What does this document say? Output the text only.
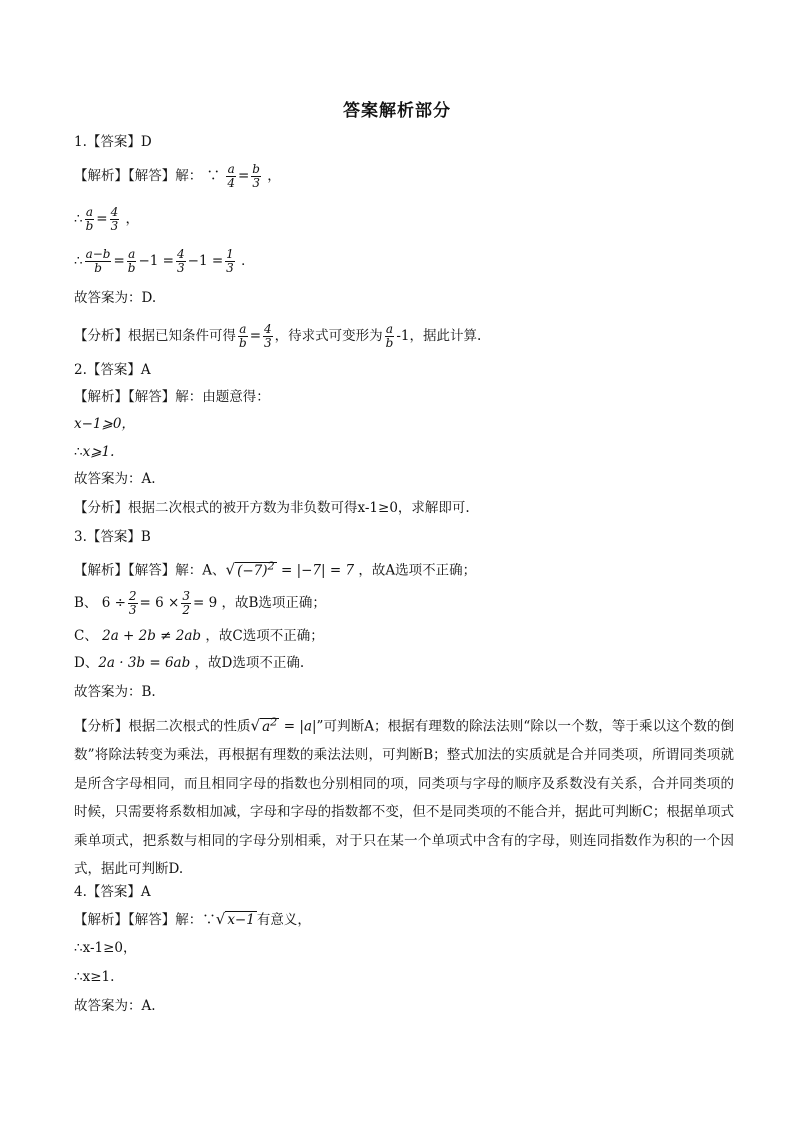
答案解析部分
1.【答案】D
【解析】【解答】解： ∵ $\frac{a}{4} = \frac{b}{3}$ ，
∴ $\frac{a}{b} = \frac{4}{3}$ ，
∴ $\frac{a-b}{b} = \frac{a}{b} -1 = \frac{4}{3} -1 = \frac{1}{3}$ ．
故答案为：D.
【分析】根据已知条件可得 $\frac{a}{b} = \frac{4}{3}$ ，待求式可变形为 $\frac{a}{b} -1$，据此计算.
2.【答案】A
【解析】【解答】解：由题意得：
x−1⩾0，
∴x⩾1.
故答案为：A.
【分析】根据二次根式的被开方数为非负数可得x-1≥0，求解即可.
3.【答案】B
【解析】【解答】解：A、√ $(-7)^2 = |-7| = 7$ ，故A选项不正确；
B、 $6 \div \frac{2}{3} = 6 \times \frac{3}{2} = 9$ ，故B选项正确；
C、 2a + 2b ≠ 2ab ，故C选项不正确；
D、2a · 3b = 6ab ，故D选项不正确.
故答案为：B.
【分析】根据二次根式的性质√ $a^2 = |a|$”可判断A；根据有理数的除法法则“除以一个数，等于乘以这个数的倒数”将除法转变为乘法，再根据有理数的乘法法则，可判断B；整式加法的实质就是合并同类项，所谓同类项就是所含字母相同，而且相同字母的指数也分别相同的项，同类项与字母的顺序及系数没有关系，合并同类项的时候，只需要将系数相加减，字母和字母的指数都不变，但不是同类项的不能合并，据此可判断C；根据单项式乘单项式，把系数与相同的字母分别相乘，对于只在某一个单项式中含有的字母，则连同指数作为积的一个因式，据此可判断D.
4.【答案】A
【解析】【解答】解：∵√ x−1 有意义，
∴x-1≥0，
∴x≥1.
故答案为：A.
